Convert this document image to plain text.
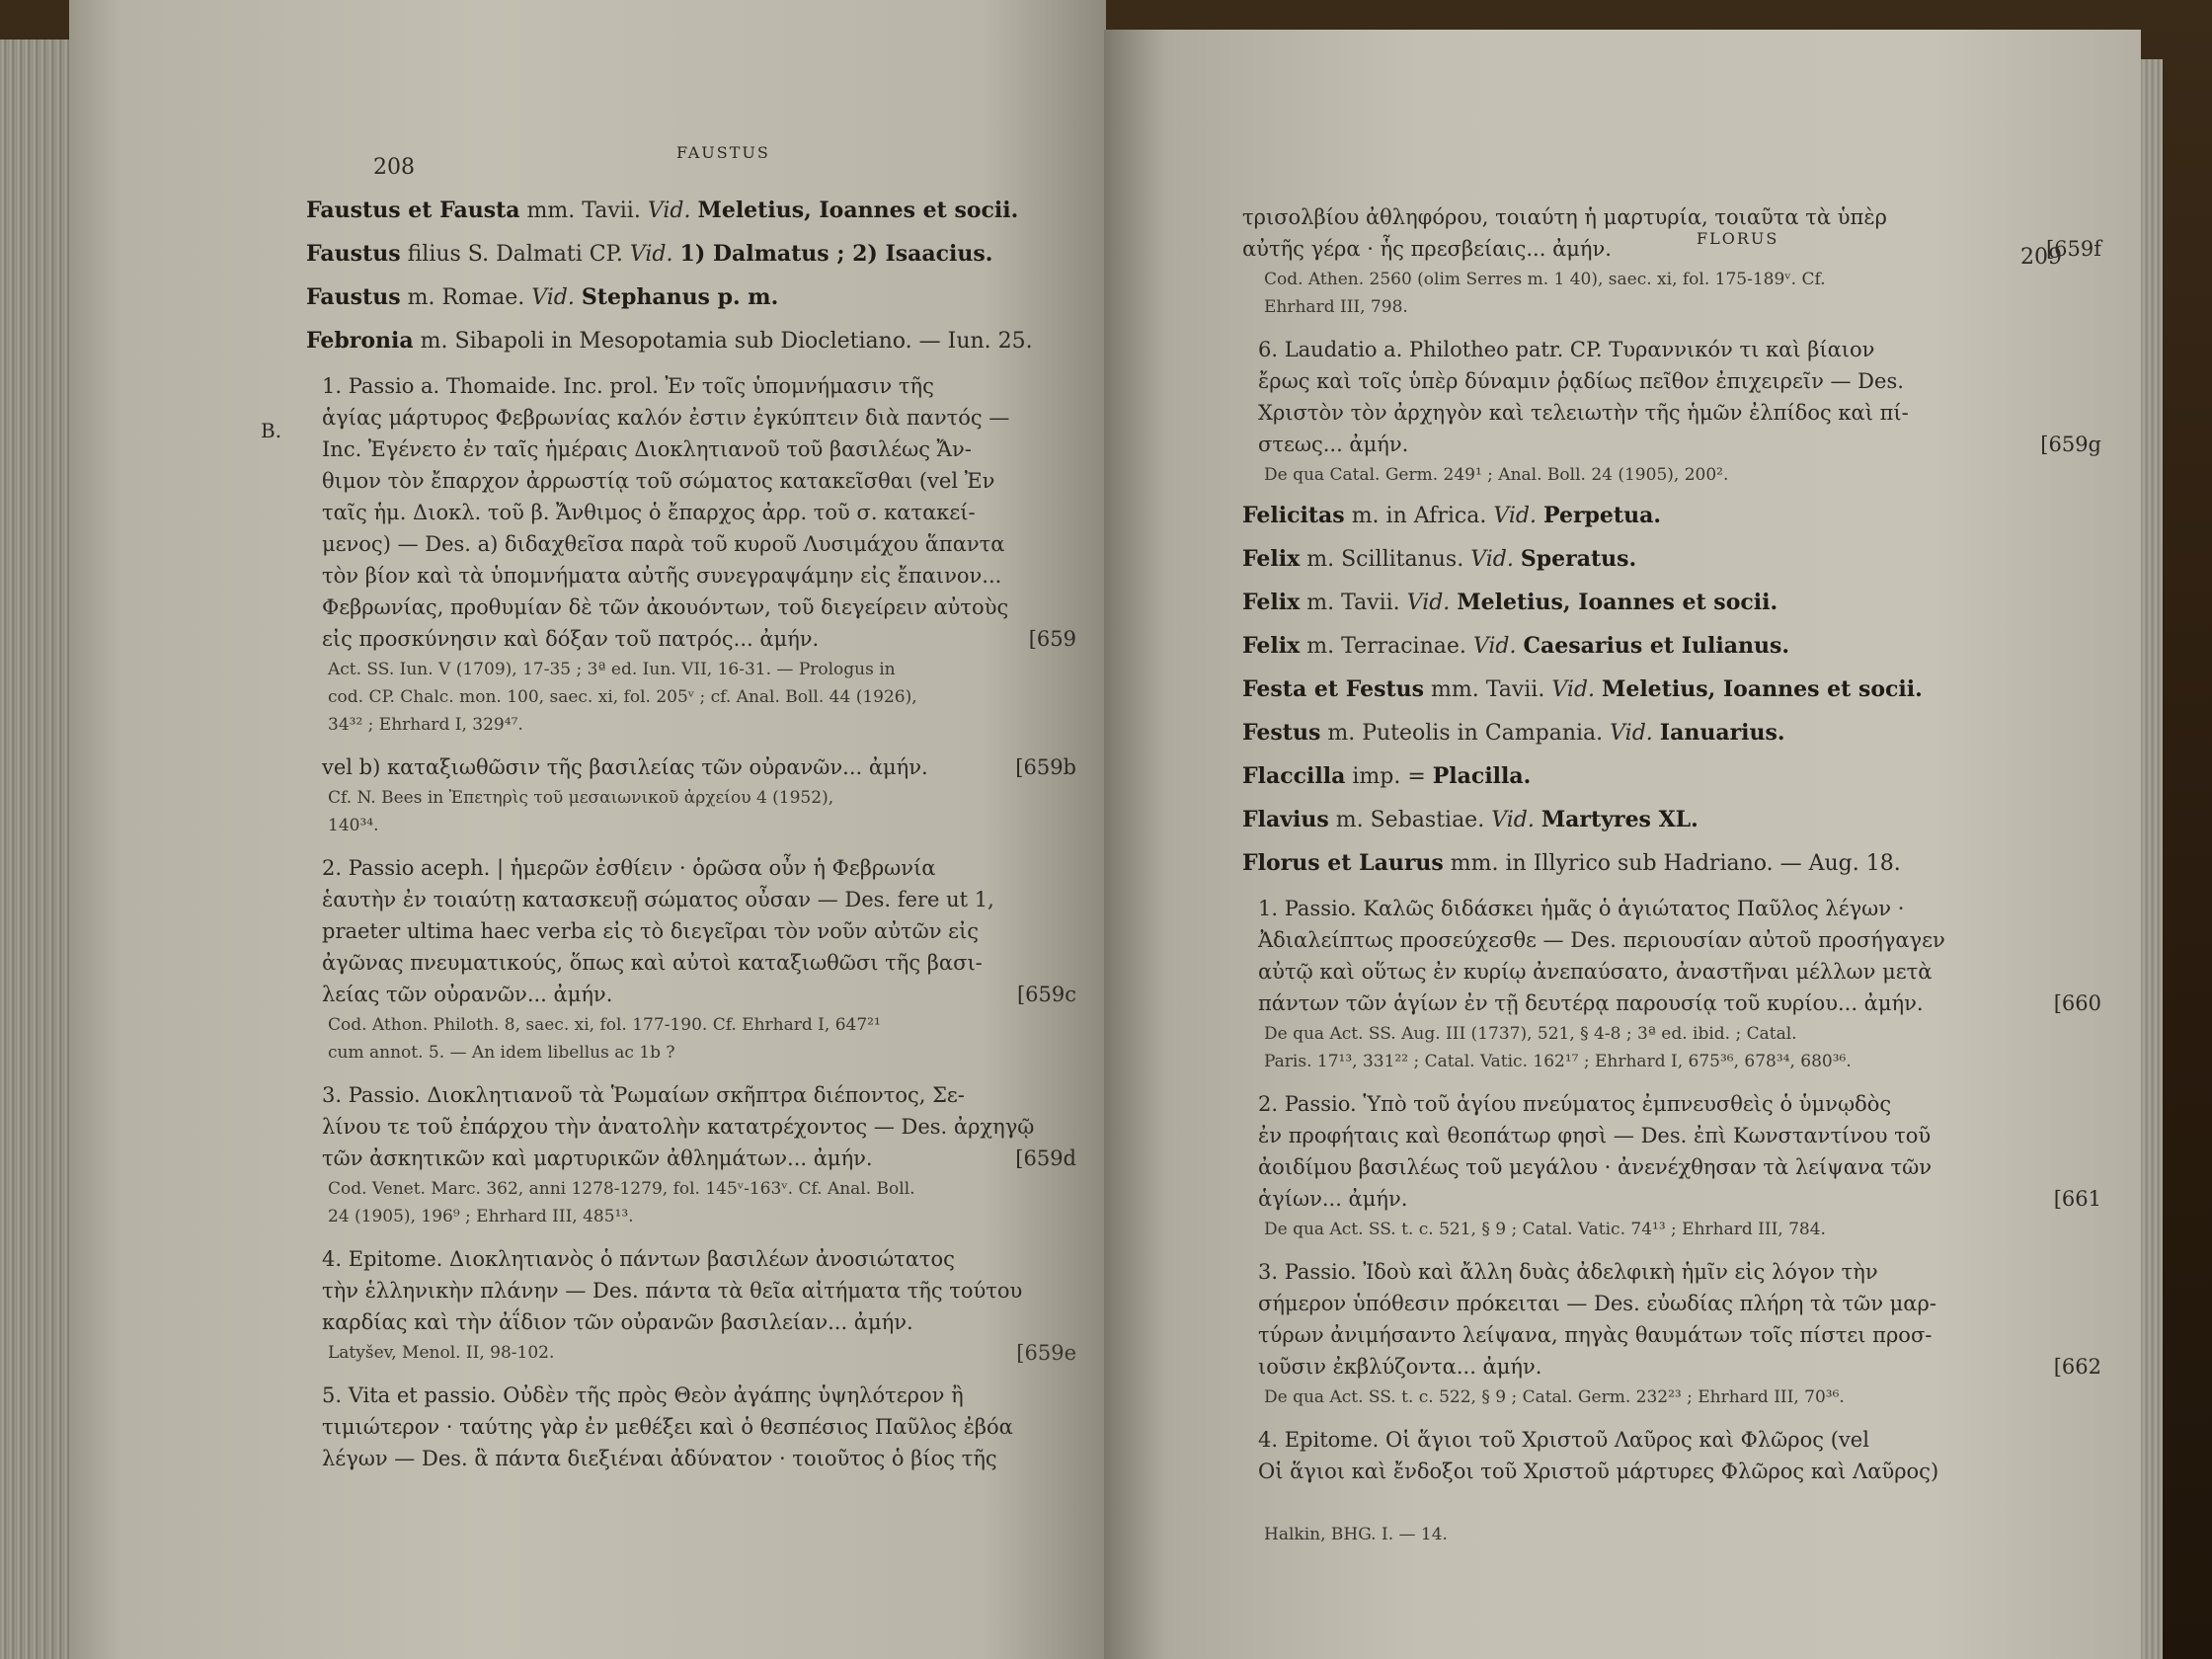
208
FAUSTUS
Faustus et Fausta mm. Tavii. Vid. Meletius, Ioannes et socii.
Faustus filius S. Dalmati CP. Vid. 1) Dalmatus ; 2) Isaacius.
Faustus m. Romae. Vid. Stephanus p. m.
Febronia m. Sibapoli in Mesopotamia sub Diocletiano. — Iun. 25.
B.
1. Passio a. Thomaide. Inc. prol. Ἐν τοῖς ὑπομνήμασιν τῆς
ἁγίας μάρτυρος Φεβρωνίας καλόν ἐστιν ἐγκύπτειν διὰ παντός —
Inc. Ἐγένετο ἐν ταῖς ἡμέραις Διοκλητιανοῦ τοῦ βασιλέως Ἄν-
θιμον τὸν ἔπαρχον ἀρρωστίᾳ τοῦ σώματος κατακεῖσθαι (vel Ἐν
ταῖς ἡμ. Διοκλ. τοῦ β. Ἄνθιμος ὁ ἔπαρχος ἀρρ. τοῦ σ. κατακεί-
μενος) — Des. a) διδαχθεῖσα παρὰ τοῦ κυροῦ Λυσιμάχου ἅπαντα
τὸν βίον καὶ τὰ ὑπομνήματα αὐτῆς συνεγραψάμην εἰς ἔπαινον...
Φεβρωνίας, προθυμίαν δὲ τῶν ἀκουόντων, τοῦ διεγείρειν αὐτοὺς
εἰς προσκύνησιν καὶ δόξαν τοῦ πατρός... ἀμήν.	[659
Act. SS. Iun. V (1709), 17-35 ; 3ª ed. Iun. VII, 16-31. — Prologus in
cod. CP. Chalc. mon. 100, saec. xi, fol. 205ᵛ ; cf. Anal. Boll. 44 (1926),
34³² ; Ehrhard I, 329⁴⁷.
vel b) καταξιωθῶσιν τῆς βασιλείας τῶν οὐρανῶν... ἀμήν.	[659b
Cf. N. Bees in Ἐπετηρὶς τοῦ μεσαιωνικοῦ ἀρχείου 4 (1952),
140³⁴.
2. Passio aceph. | ἡμερῶν ἐσθίειν · ὁρῶσα οὖν ἡ Φεβρωνία
ἑαυτὴν ἐν τοιαύτῃ κατασκευῇ σώματος οὖσαν — Des. fere ut 1,
praeter ultima haec verba εἰς τὸ διεγεῖραι τὸν νοῦν αὐτῶν εἰς
ἀγῶνας πνευματικούς, ὅπως καὶ αὐτοὶ καταξιωθῶσι τῆς βασι-
λείας τῶν οὐρανῶν... ἀμήν.	[659c
Cod. Athon. Philoth. 8, saec. xi, fol. 177-190. Cf. Ehrhard I, 647²¹
cum annot. 5. — An idem libellus ac 1b ?
3. Passio. Διοκλητιανοῦ τὰ Ῥωμαίων σκῆπτρα διέποντος, Σε-
λίνου τε τοῦ ἐπάρχου τὴν ἀνατολὴν κατατρέχοντος — Des. ἀρχηγῷ
τῶν ἀσκητικῶν καὶ μαρτυρικῶν ἀθλημάτων... ἀμήν.	[659d
Cod. Venet. Marc. 362, anni 1278-1279, fol. 145ᵛ-163ᵛ. Cf. Anal. Boll.
24 (1905), 196⁹ ; Ehrhard III, 485¹³.
4. Epitome. Διοκλητιανὸς ὁ πάντων βασιλέων ἀνοσιώτατος
τὴν ἑλληνικὴν πλάνην — Des. πάντα τὰ θεῖα αἰτήματα τῆς τούτου
καρδίας καὶ τὴν ἀΐδιον τῶν οὐρανῶν βασιλείαν... ἀμήν.
Latyšev, Menol. II, 98-102.	[659e
5. Vita et passio. Οὐδὲν τῆς πρὸς Θεὸν ἀγάπης ὑψηλότερον ἢ
τιμιώτερον · ταύτης γὰρ ἐν μεθέξει καὶ ὁ θεσπέσιος Παῦλος ἐβόα
λέγων — Des. ἃ πάντα διεξιέναι ἀδύνατον · τοιοῦτος ὁ βίος τῆς
FLORUS
209
τρισολβίου ἀθληφόρου, τοιαύτη ἡ μαρτυρία, τοιαῦτα τὰ ὑπὲρ
αὐτῆς γέρα · ἧς πρεσβείαις... ἀμήν.	[659f
Cod. Athen. 2560 (olim Serres m. 1 40), saec. xi, fol. 175-189ᵛ. Cf.
Ehrhard III, 798.
6. Laudatio a. Philotheo patr. CP. Τυραννικόν τι καὶ βίαιον
ἔρως καὶ τοῖς ὑπὲρ δύναμιν ῥᾳδίως πεῖθον ἐπιχειρεῖν — Des.
Χριστὸν τὸν ἀρχηγὸν καὶ τελειωτὴν τῆς ἡμῶν ἐλπίδος καὶ πί-
στεως... ἀμήν.	[659g
De qua Catal. Germ. 249¹ ; Anal. Boll. 24 (1905), 200².
Felicitas m. in Africa. Vid. Perpetua.
Felix m. Scillitanus. Vid. Speratus.
Felix m. Tavii. Vid. Meletius, Ioannes et socii.
Felix m. Terracinae. Vid. Caesarius et Iulianus.
Festa et Festus mm. Tavii. Vid. Meletius, Ioannes et socii.
Festus m. Puteolis in Campania. Vid. Ianuarius.
Flaccilla imp. = Placilla.
Flavius m. Sebastiae. Vid. Martyres XL.
Florus et Laurus mm. in Illyrico sub Hadriano. — Aug. 18.
1. Passio. Καλῶς διδάσκει ἡμᾶς ὁ ἁγιώτατος Παῦλος λέγων ·
Ἀδιαλείπτως προσεύχεσθε — Des. περιουσίαν αὐτοῦ προσήγαγεν
αὐτῷ καὶ οὕτως ἐν κυρίῳ ἀνεπαύσατο, ἀναστῆναι μέλλων μετὰ
πάντων τῶν ἁγίων ἐν τῇ δευτέρᾳ παρουσίᾳ τοῦ κυρίου... ἀμήν.	[660
De qua Act. SS. Aug. III (1737), 521, § 4-8 ; 3ª ed. ibid. ; Catal.
Paris. 17¹³, 331²² ; Catal. Vatic. 162¹⁷ ; Ehrhard I, 675³⁶, 678³⁴, 680³⁶.
2. Passio. Ὑπὸ τοῦ ἁγίου πνεύματος ἐμπνευσθεὶς ὁ ὑμνῳδὸς
ἐν προφήταις καὶ θεοπάτωρ φησὶ — Des. ἐπὶ Κωνσταντίνου τοῦ
ἀοιδίμου βασιλέως τοῦ μεγάλου · ἀνενέχθησαν τὰ λείψανα τῶν
ἁγίων... ἀμήν.	[661
De qua Act. SS. t. c. 521, § 9 ; Catal. Vatic. 74¹³ ; Ehrhard III, 784.
3. Passio. Ἰδοὺ καὶ ἄλλη δυὰς ἀδελφικὴ ἡμῖν εἰς λόγον τὴν
σήμερον ὑπόθεσιν πρόκειται — Des. εὐωδίας πλήρη τὰ τῶν μαρ-
τύρων ἀνιμήσαντο λείψανα, πηγὰς θαυμάτων τοῖς πίστει προσ-
ιοῦσιν ἐκβλύζοντα... ἀμήν.	[662
De qua Act. SS. t. c. 522, § 9 ; Catal. Germ. 232²³ ; Ehrhard III, 70³⁶.
4. Epitome. Οἱ ἅγιοι τοῦ Χριστοῦ Λαῦρος καὶ Φλῶρος (vel
Οἱ ἅγιοι καὶ ἔνδοξοι τοῦ Χριστοῦ μάρτυρες Φλῶρος καὶ Λαῦρος)
Halkin, BHG. I. — 14.
